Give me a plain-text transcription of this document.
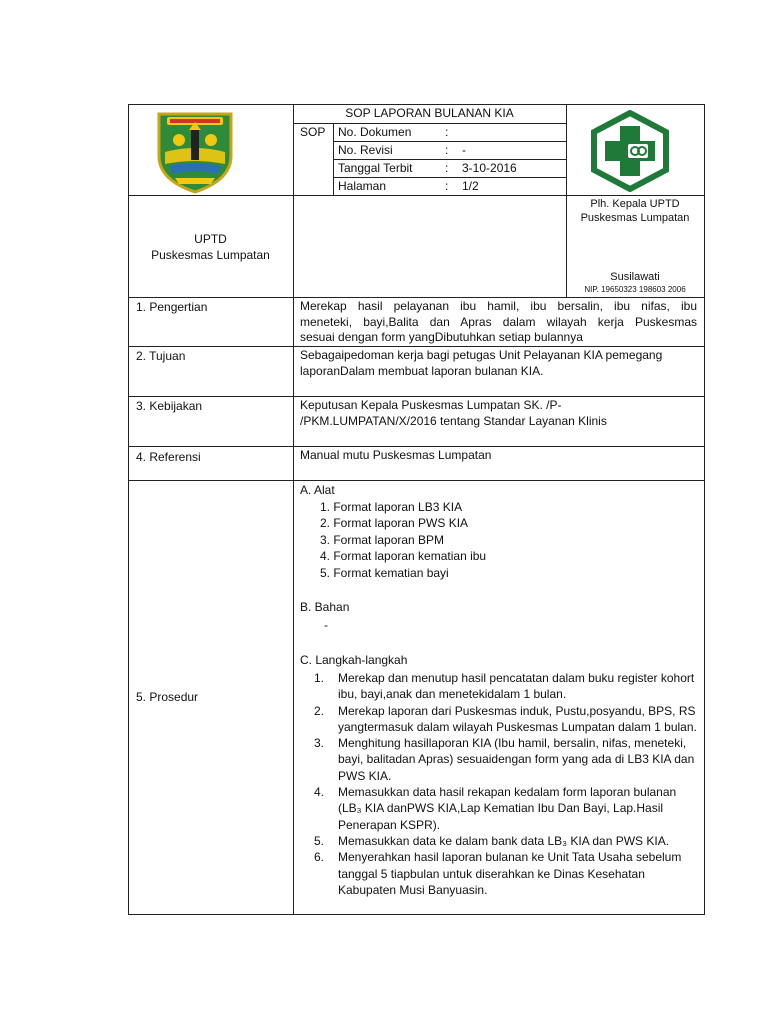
SOP LAPORAN BULANAN KIA
SOP No. Dokumen	:
No. Revisi	: -
Tanggal Terbit	: 3-10-2016
Halaman	: 1/2
UPTD
Puskesmas Lumpatan
Plh. Kepala UPTD
Puskesmas Lumpatan
Susilawati
NIP. 19650323 198603 2006
1. Pengertian	Merekap hasil pelayanan ibu hamil, ibu bersalin, ibu nifas, ibu
meneteki, bayi,Balita dan Apras dalam wilayah kerja Puskesmas
sesuai dengan form yangDibutuhkan setiap bulannya
2. Tujuan	Sebagaipedoman kerja bagi petugas Unit Pelayanan KIA pemegang
laporanDalam membuat laporan bulanan KIA.
3. Kebijakan	Keputusan Kepala Puskesmas Lumpatan SK. /P-
/PKM.LUMPATAN/X/2016 tentang Standar Layanan Klinis
4. Referensi	Manual mutu Puskesmas Lumpatan
5. Prosedur
A. Alat
1. Format laporan LB3 KIA
2. Format laporan PWS KIA
3. Format laporan BPM
4. Format laporan kematian ibu
5. Format kematian bayi
B. Bahan
-
C. Langkah-langkah
1. Merekap dan menutup hasil pencatatan dalam buku register kohort ibu, bayi,anak dan menetekidalam 1 bulan.
2. Merekap laporan dari Puskesmas induk, Pustu,posyandu, BPS, RS yangtermasuk dalam wilayah Puskesmas Lumpatan dalam 1 bulan.
3. Menghitung hasillaporan KIA (Ibu hamil, bersalin, nifas, meneteki, bayi, balitadan Apras) sesuaidengan form yang ada di LB3 KIA dan PWS KIA.
4. Memasukkan data hasil rekapan kedalam form laporan bulanan (LB₃ KIA danPWS KIA,Lap Kematian Ibu Dan Bayi, Lap.Hasil Penerapan KSPR).
5. Memasukkan data ke dalam bank data LB₃ KIA dan PWS KIA.
6. Menyerahkan hasil laporan bulanan ke Unit Tata Usaha sebelum tanggal 5 tiapbulan untuk diserahkan ke Dinas Kesehatan Kabupaten Musi Banyuasin.
